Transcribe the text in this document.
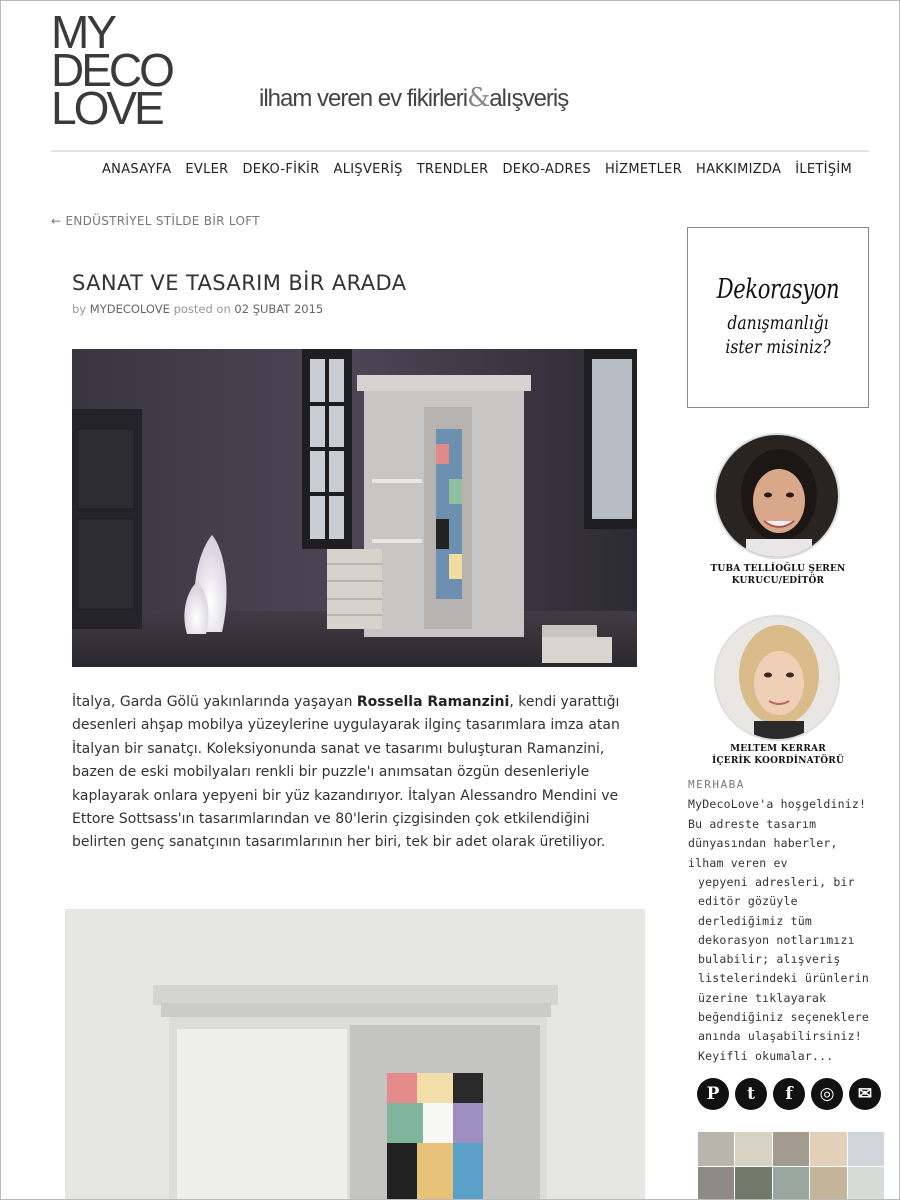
MY
DECO
LOVE	ilham veren ev fikirleri&alışveriş
ANASAYFA	EVLER	DEKO-FİKİR	ALIŞVERİŞ	TRENDLER	DEKO-ADRES	HİZMETLER	HAKKIMIZDA	İLETİŞİM
← ENDÜSTRİYEL STİLDE BİR LOFT
SANAT VE TASARIM BİR ARADA
by MYDECOLOVE posted on 02 ŞUBAT 2015
İtalya, Garda Gölü yakınlarında yaşayan Rossella Ramanzini, kendi yarattığı desenleri ahşap mobilya yüzeylerine uygulayarak ilginç tasarımlara imza atan İtalyan bir sanatçı. Koleksiyonunda sanat ve tasarımı buluşturan Ramanzini, bazen de eski mobilyaları renkli bir puzzle'ı anımsatan özgün desenleriyle kaplayarak onlara yepyeni bir yüz kazandırıyor. İtalyan Alessandro Mendini ve Ettore Sottsass'ın tasarımlarından ve 80'lerin çizgisinden çok etkilendiğini belirten genç sanatçının tasarımlarının her biri, tek bir adet olarak üretiliyor.
Dekorasyon
danışmanlığı
ister misiniz?
TUBA TELLİOĞLU ŞEREN
KURUCU/EDİTÖR
MELTEM KERRAR
İÇERİK KOORDİNATÖRÜ
MERHABA
MyDecoLove'a hoşgeldiniz! Bu adreste tasarım dünyasından haberler, ilham veren ev
yepyeni adresleri, bir editör gözüyle derlediğimiz tüm dekorasyon notlarımızı bulabilir; alışveriş listelerindeki ürünlerin üzerine tıklayarak beğendiğiniz seçeneklere anında ulaşabilirsiniz! Keyifli okumalar...
P	t	f	◎	✉
